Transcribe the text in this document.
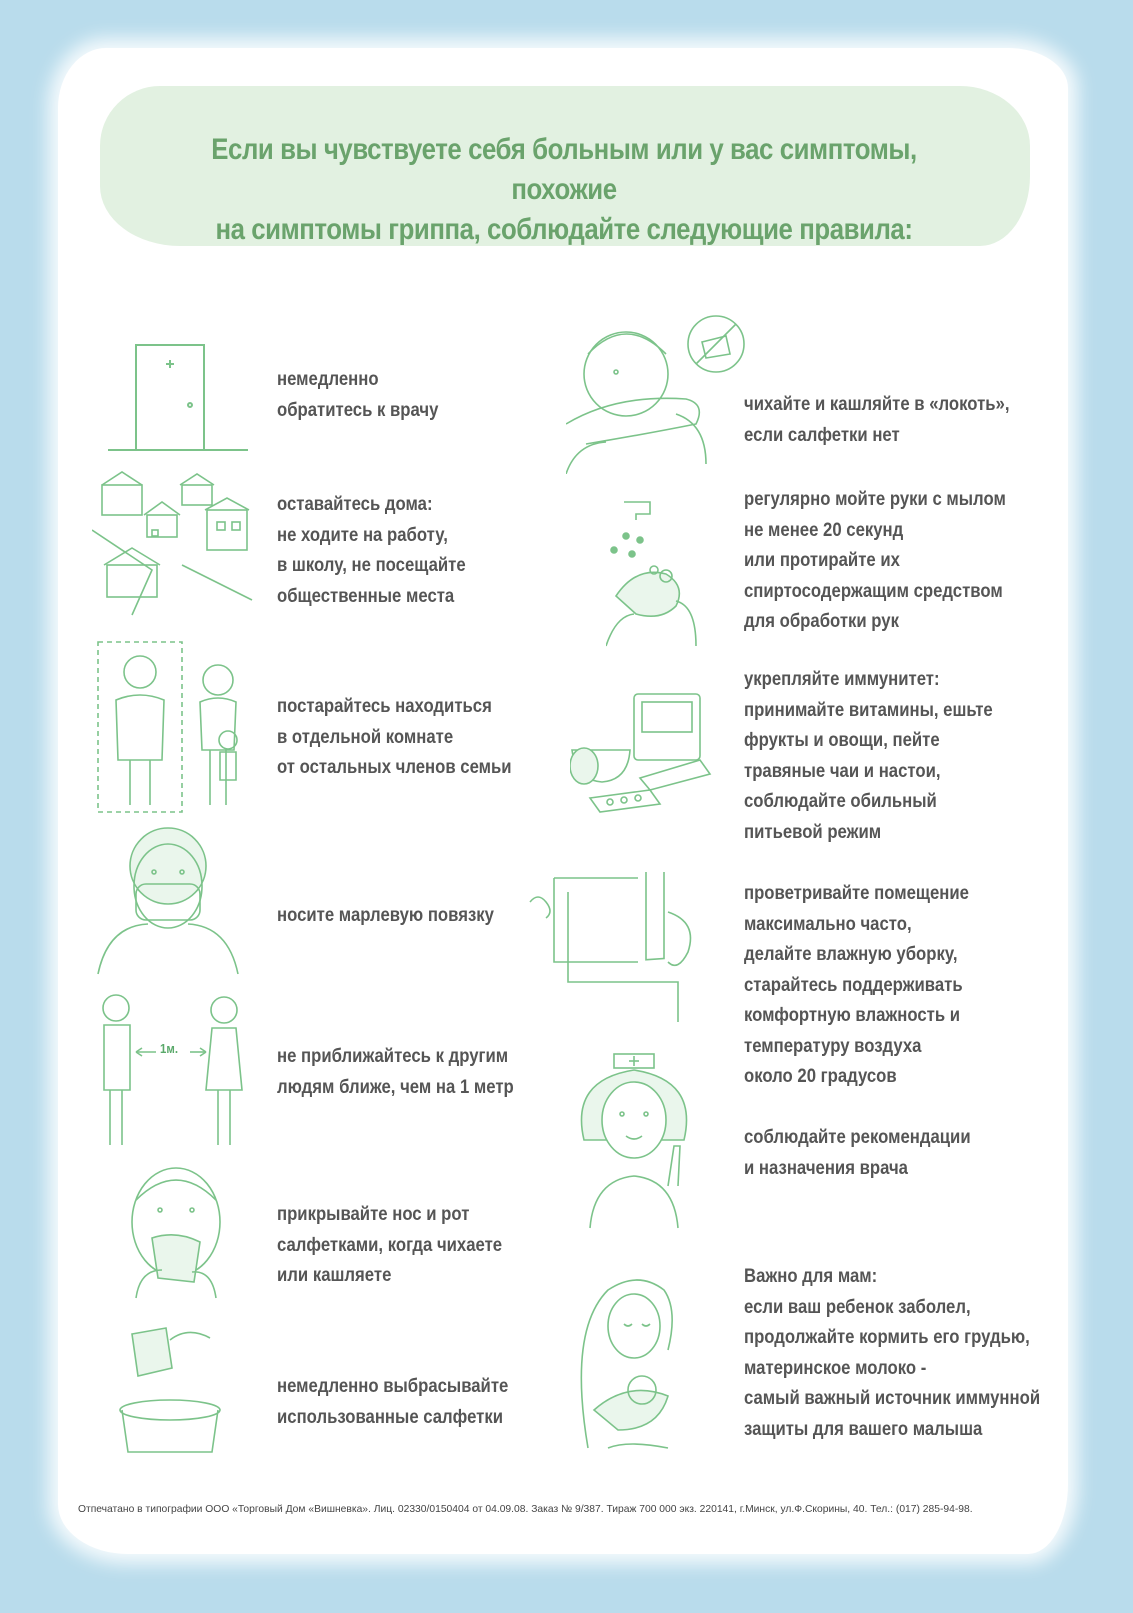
Если вы чувствуете себя больным или у вас симптомы, похожие
на симптомы гриппа, соблюдайте следующие правила:
1м.
немедленно
обратитесь к врачу
оставайтесь дома:
не ходите на работу,
в школу, не посещайте
общественные места
постарайтесь находиться
в отдельной комнате
от остальных членов семьи
носите марлевую повязку
не приближайтесь к другим
людям ближе, чем на 1 метр
прикрывайте нос и рот
салфетками, когда чихаете
или кашляете
немедленно выбрасывайте
использованные салфетки
чихайте и кашляйте в «локоть»,
если салфетки нет
регулярно мойте руки с мылом
не менее 20 секунд
или протирайте их
спиртосодержащим средством
для обработки рук
укрепляйте иммунитет:
принимайте витамины, ешьте
фрукты и овощи, пейте
травяные чаи и настои,
соблюдайте обильный
питьевой режим
проветривайте помещение
максимально часто,
делайте влажную уборку,
старайтесь поддерживать
комфортную влажность и
температуру воздуха
около 20 градусов
соблюдайте рекомендации
и назначения врача
Важно для мам:
если ваш ребенок заболел,
продолжайте кормить его грудью,
материнское молоко -
самый важный источник иммунной
защиты для вашего малыша
Отпечатано в типографии ООО «Торговый Дом «Вишневка». Лиц. 02330/0150404 от 04.09.08. Заказ № 9/387. Тираж 700 000 экз. 220141, г.Минск, ул.Ф.Скорины, 40. Тел.: (017) 285-94-98.
